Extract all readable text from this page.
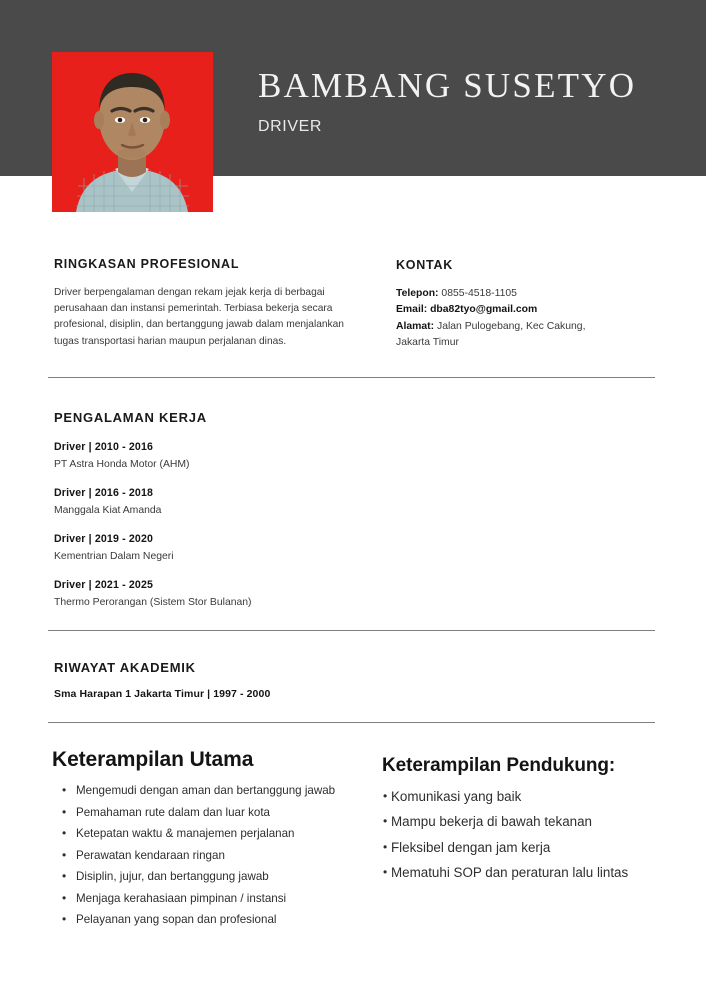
BAMBANG SUSETYO
DRIVER
RINGKASAN PROFESIONAL
Driver berpengalaman dengan rekam jejak kerja di berbagai perusahaan dan instansi pemerintah. Terbiasa bekerja secara profesional, disiplin, dan bertanggung jawab dalam menjalankan tugas transportasi harian maupun perjalanan dinas.
KONTAK
Telepon: 0855-4518-1105
Email: dba82tyo@gmail.com
Alamat: Jalan Pulogebang, Kec Cakung,
Jakarta Timur
PENGALAMAN KERJA
Driver | 2010 - 2016
PT Astra Honda Motor (AHM)
Driver | 2016 - 2018
Manggala Kiat Amanda
Driver | 2019 - 2020
Kementrian Dalam Negeri
Driver | 2021 - 2025
Thermo Perorangan (Sistem Stor Bulanan)
RIWAYAT AKADEMIK
Sma Harapan 1 Jakarta Timur | 1997 - 2000
Keterampilan Utama
• Mengemudi dengan aman dan bertanggung jawab
• Pemahaman rute dalam dan luar kota
• Ketepatan waktu & manajemen perjalanan
• Perawatan kendaraan ringan
• Disiplin, jujur, dan bertanggung jawab
• Menjaga kerahasiaan pimpinan / instansi
• Pelayanan yang sopan dan profesional
Keterampilan Pendukung:
• Komunikasi yang baik
• Mampu bekerja di bawah tekanan
• Fleksibel dengan jam kerja
• Mematuhi SOP dan peraturan lalu lintas
